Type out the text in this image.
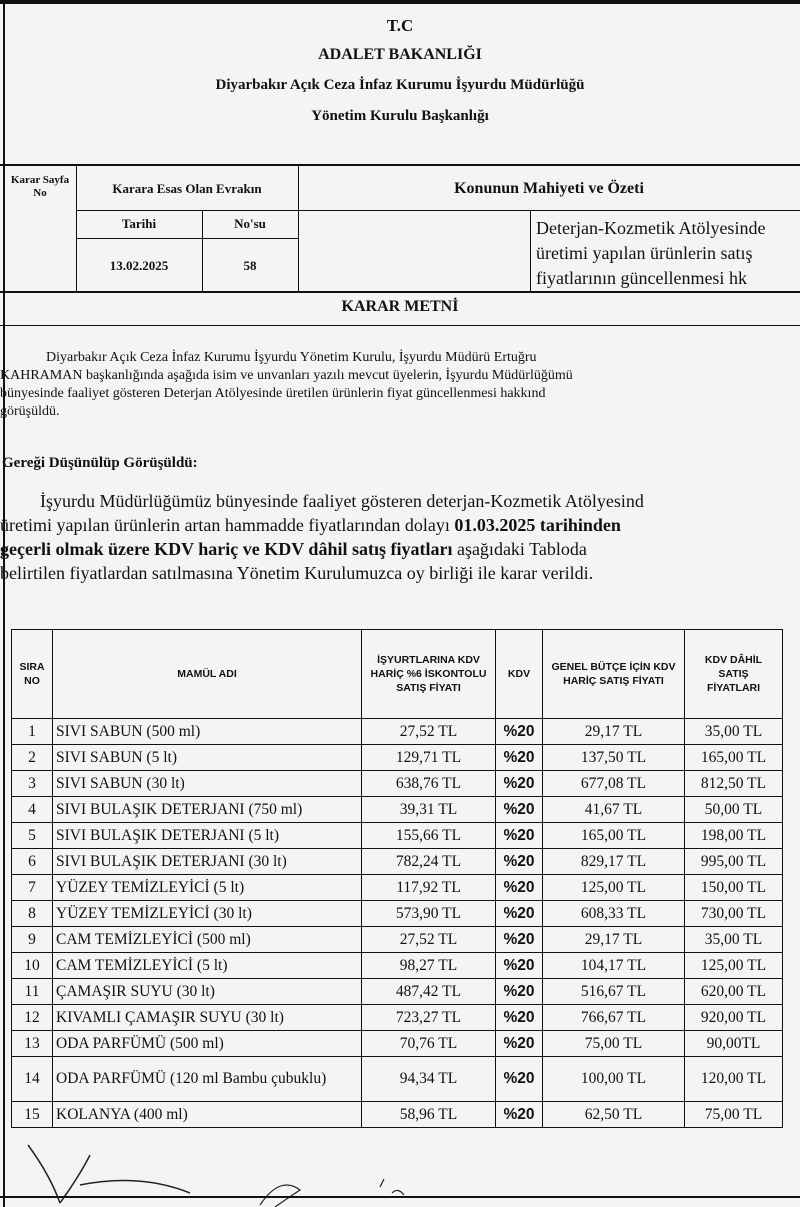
T.C
ADALET BAKANLIĞI
Diyarbakır Açık Ceza İnfaz Kurumu İşyurdu Müdürlüğü
Yönetim Kurulu Başkanlığı
Karar Sayfa No	Karara Esas Olan Evrakın	Konunun Mahiyeti ve Özeti
Tarihi	No'su
13.02.2025	58
Deterjan-Kozmetik Atölyesinde
üretimi yapılan ürünlerin satış
fiyatlarının güncellenmesi hk
KARAR METNİ
Diyarbakır Açık Ceza İnfaz Kurumu İşyurdu Yönetim Kurulu, İşyurdu Müdürü Ertuğru
KAHRAMAN başkanlığında aşağıda isim ve unvanları yazılı mevcut üyelerin, İşyurdu Müdürlüğümü
bünyesinde faaliyet gösteren Deterjan Atölyesinde üretilen ürünlerin fiyat güncellenmesi hakkınd
görüşüldü.
Gereği Düşünülüp Görüşüldü:
İşyurdu Müdürlüğümüz bünyesinde faaliyet gösteren deterjan-Kozmetik Atölyesind
üretimi yapılan ürünlerin artan hammadde fiyatlarından dolayı 01.03.2025 tarihinden
geçerli olmak üzere KDV hariç ve KDV dâhil satış fiyatları aşağıdaki Tabloda
belirtilen fiyatlardan satılmasına Yönetim Kurulumuzca oy birliği ile karar verildi.
SIRA NO	MAMÜL ADI	İŞYURTLARINA KDV HARİÇ %6 İSKONTOLU SATIŞ FİYATI	KDV	GENEL BÜTÇE İÇİN KDV HARİÇ SATIŞ FİYATI	KDV DÂHİL SATIŞ FİYATLARI
1	SIVI SABUN (500 ml)	27,52 TL	%20	29,17 TL	35,00 TL
2	SIVI SABUN (5 lt)	129,71 TL	%20	137,50 TL	165,00 TL
3	SIVI SABUN (30 lt)	638,76 TL	%20	677,08 TL	812,50 TL
4	SIVI BULAŞIK DETERJANI (750 ml)	39,31 TL	%20	41,67 TL	50,00 TL
5	SIVI BULAŞIK DETERJANI (5 lt)	155,66 TL	%20	165,00 TL	198,00 TL
6	SIVI BULAŞIK DETERJANI (30 lt)	782,24 TL	%20	829,17 TL	995,00 TL
7	YÜZEY TEMİZLEYİCİ (5 lt)	117,92 TL	%20	125,00 TL	150,00 TL
8	YÜZEY TEMİZLEYİCİ (30 lt)	573,90 TL	%20	608,33 TL	730,00 TL
9	CAM TEMİZLEYİCİ (500 ml)	27,52 TL	%20	29,17 TL	35,00 TL
10	CAM TEMİZLEYİCİ (5 lt)	98,27 TL	%20	104,17 TL	125,00 TL
11	ÇAMAŞIR SUYU (30 lt)	487,42 TL	%20	516,67 TL	620,00 TL
12	KIVAMLI ÇAMAŞIR SUYU (30 lt)	723,27 TL	%20	766,67 TL	920,00 TL
13	ODA PARFÜMÜ (500 ml)	70,76 TL	%20	75,00 TL	90,00TL
14	ODA PARFÜMÜ (120 ml Bambu çubuklu)	94,34 TL	%20	100,00 TL	120,00 TL
15	KOLANYA (400 ml)	58,96 TL	%20	62,50 TL	75,00 TL
